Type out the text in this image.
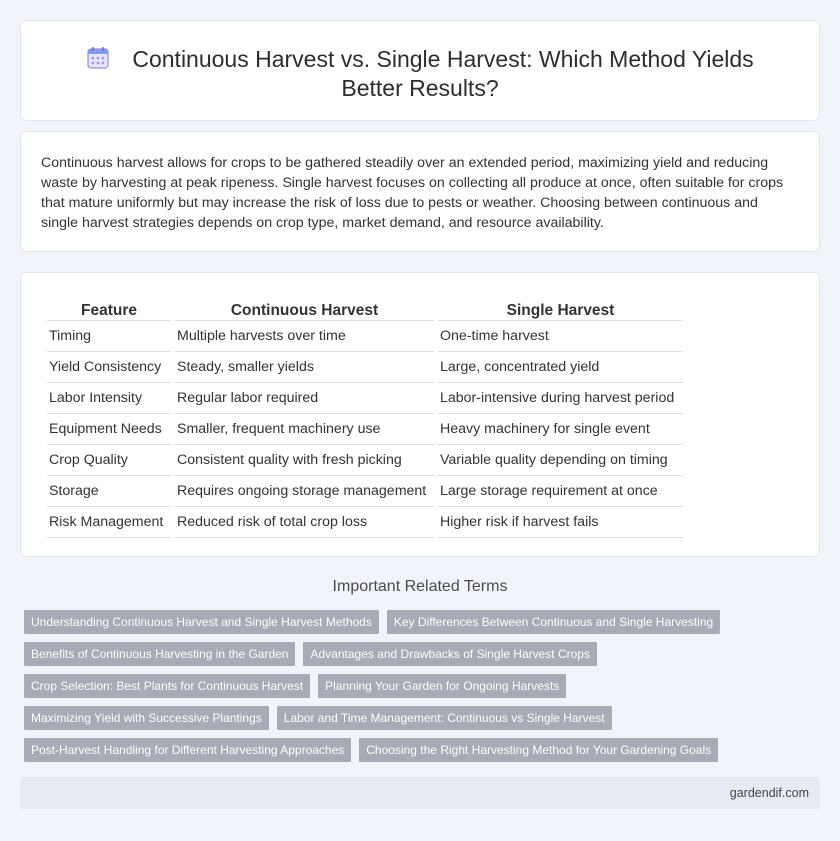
Continuous Harvest vs. Single Harvest: Which Method Yields Better Results?

Continuous harvest allows for crops to be gathered steadily over an extended period, maximizing yield and reducing waste by harvesting at peak ripeness. Single harvest focuses on collecting all produce at once, often suitable for crops that mature uniformly but may increase the risk of loss due to pests or weather. Choosing between continuous and single harvest strategies depends on crop type, market demand, and resource availability.

Feature	Continuous Harvest	Single Harvest
Timing	Multiple harvests over time	One-time harvest
Yield Consistency	Steady, smaller yields	Large, concentrated yield
Labor Intensity	Regular labor required	Labor-intensive during harvest period
Equipment Needs	Smaller, frequent machinery use	Heavy machinery for single event
Crop Quality	Consistent quality with fresh picking	Variable quality depending on timing
Storage	Requires ongoing storage management	Large storage requirement at once
Risk Management	Reduced risk of total crop loss	Higher risk if harvest fails
Important Related Terms
Understanding Continuous Harvest and Single Harvest Methods	Key Differences Between Continuous and Single Harvesting
Benefits of Continuous Harvesting in the Garden	Advantages and Drawbacks of Single Harvest Crops
Crop Selection: Best Plants for Continuous Harvest	Planning Your Garden for Ongoing Harvests
Maximizing Yield with Successive Plantings	Labor and Time Management: Continuous vs Single Harvest
Post-Harvest Handling for Different Harvesting Approaches	Choosing the Right Harvesting Method for Your Gardening Goals
gardendif.com
